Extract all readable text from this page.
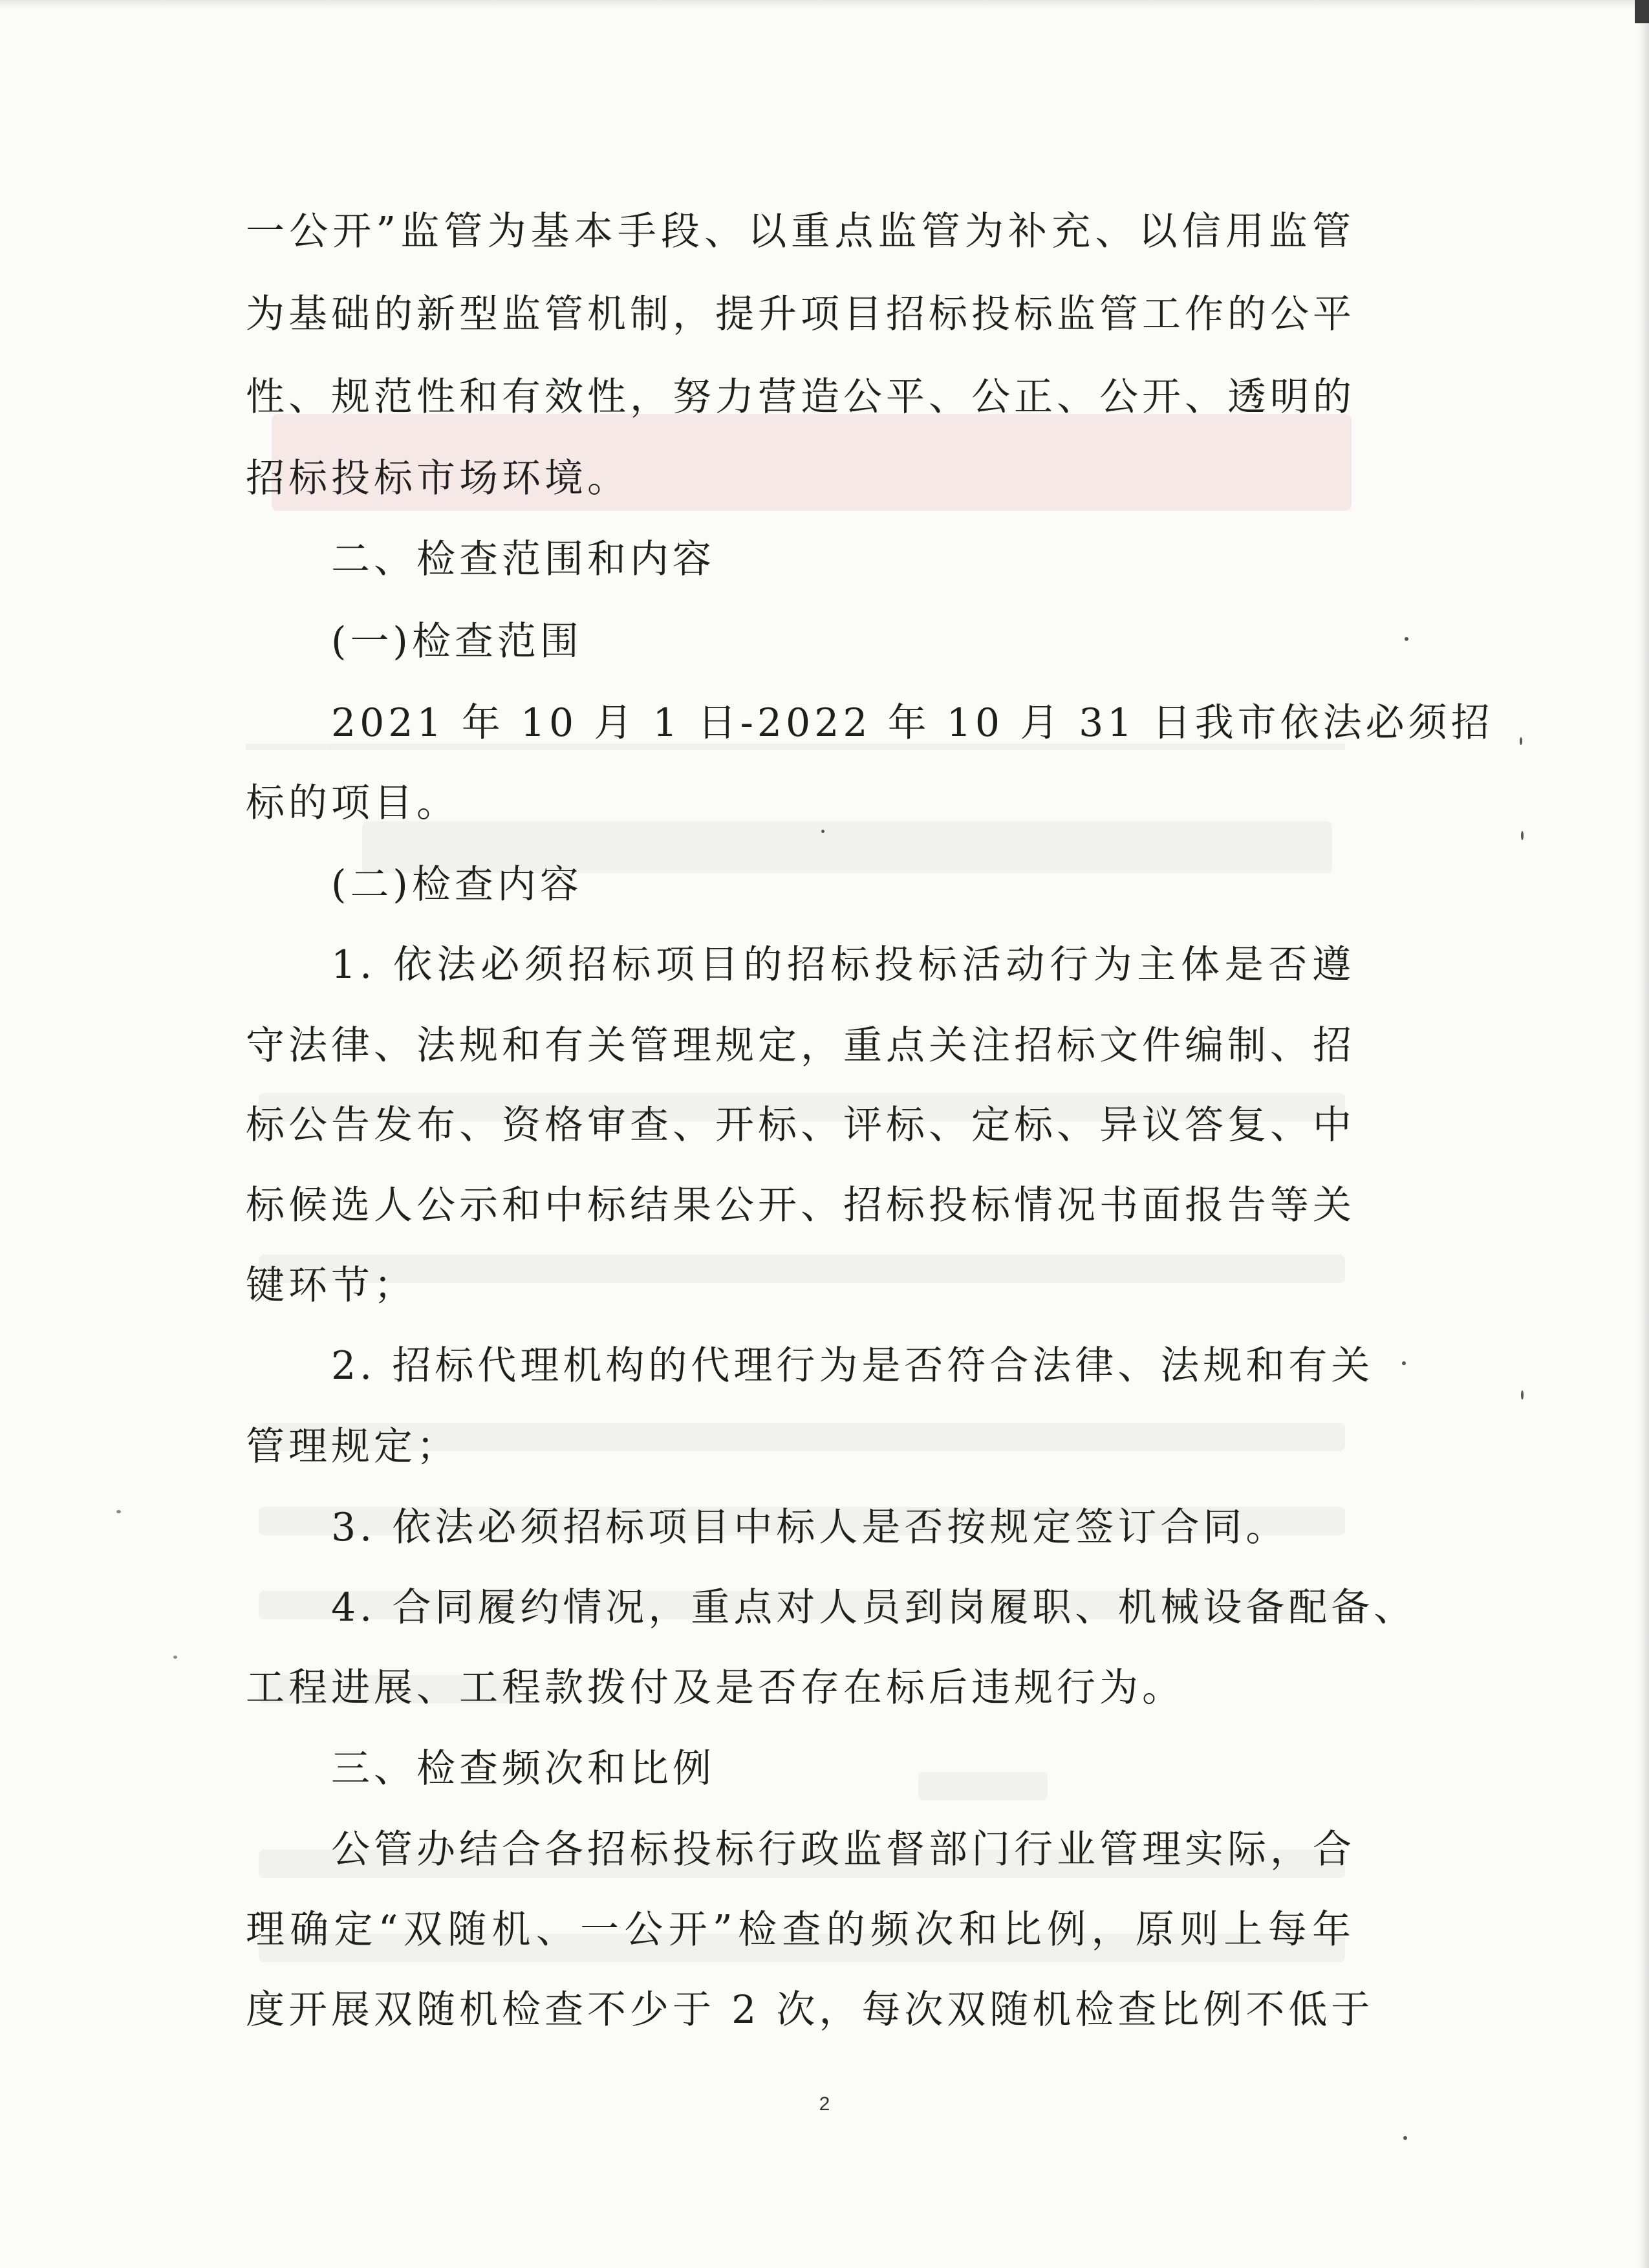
一公开”监管为基本手段、以重点监管为补充、以信用监管
为基础的新型监管机制，提升项目招标投标监管工作的公平
性、规范性和有效性，努力营造公平、公正、公开、透明的
招标投标市场环境。
二、检查范围和内容
(一)检查范围
2021 年 10 月 1 日-2022 年 10 月 31 日我市依法必须招
标的项目。
(二)检查内容
1. 依法必须招标项目的招标投标活动行为主体是否遵
守法律、法规和有关管理规定，重点关注招标文件编制、招
标公告发布、资格审查、开标、评标、定标、异议答复、中
标候选人公示和中标结果公开、招标投标情况书面报告等关
键环节；
2. 招标代理机构的代理行为是否符合法律、法规和有关
管理规定；
3. 依法必须招标项目中标人是否按规定签订合同。
4. 合同履约情况，重点对人员到岗履职、机械设备配备、
工程进展、工程款拨付及是否存在标后违规行为。
三、检查频次和比例
公管办结合各招标投标行政监督部门行业管理实际，合
理确定“双随机、一公开”检查的频次和比例，原则上每年
度开展双随机检查不少于 2 次，每次双随机检查比例不低于
2
